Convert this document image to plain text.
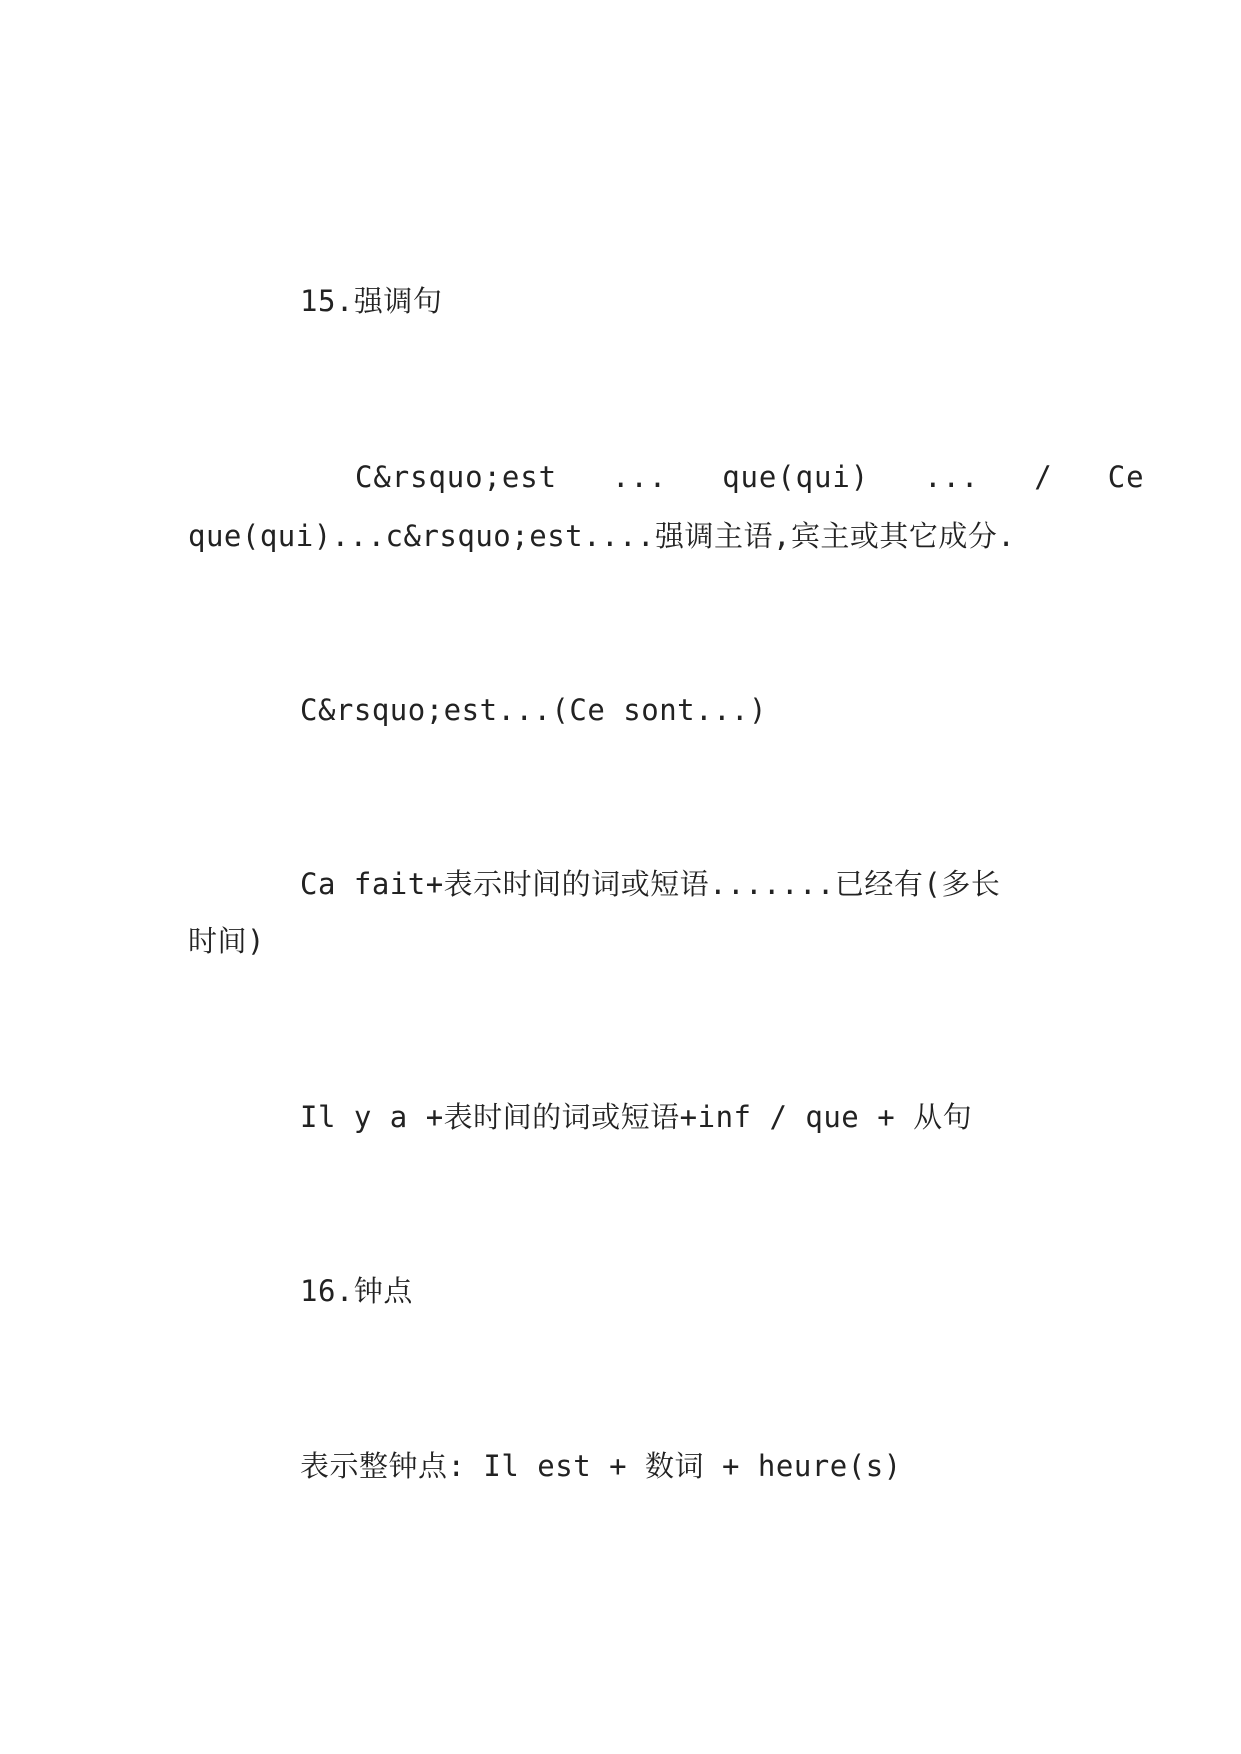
15.强调句
C&rsquo;est   ...   que(qui)   ...   /   Ce
que(qui)...c&rsquo;est....强调主语,宾主或其它成分.
C&rsquo;est...(Ce sont...)
Ca fait+表示时间的词或短语.......已经有(多长
时间)
Il y a +表时间的词或短语+inf / que + 从句
16.钟点
表示整钟点: Il est + 数词 + heure(s)
